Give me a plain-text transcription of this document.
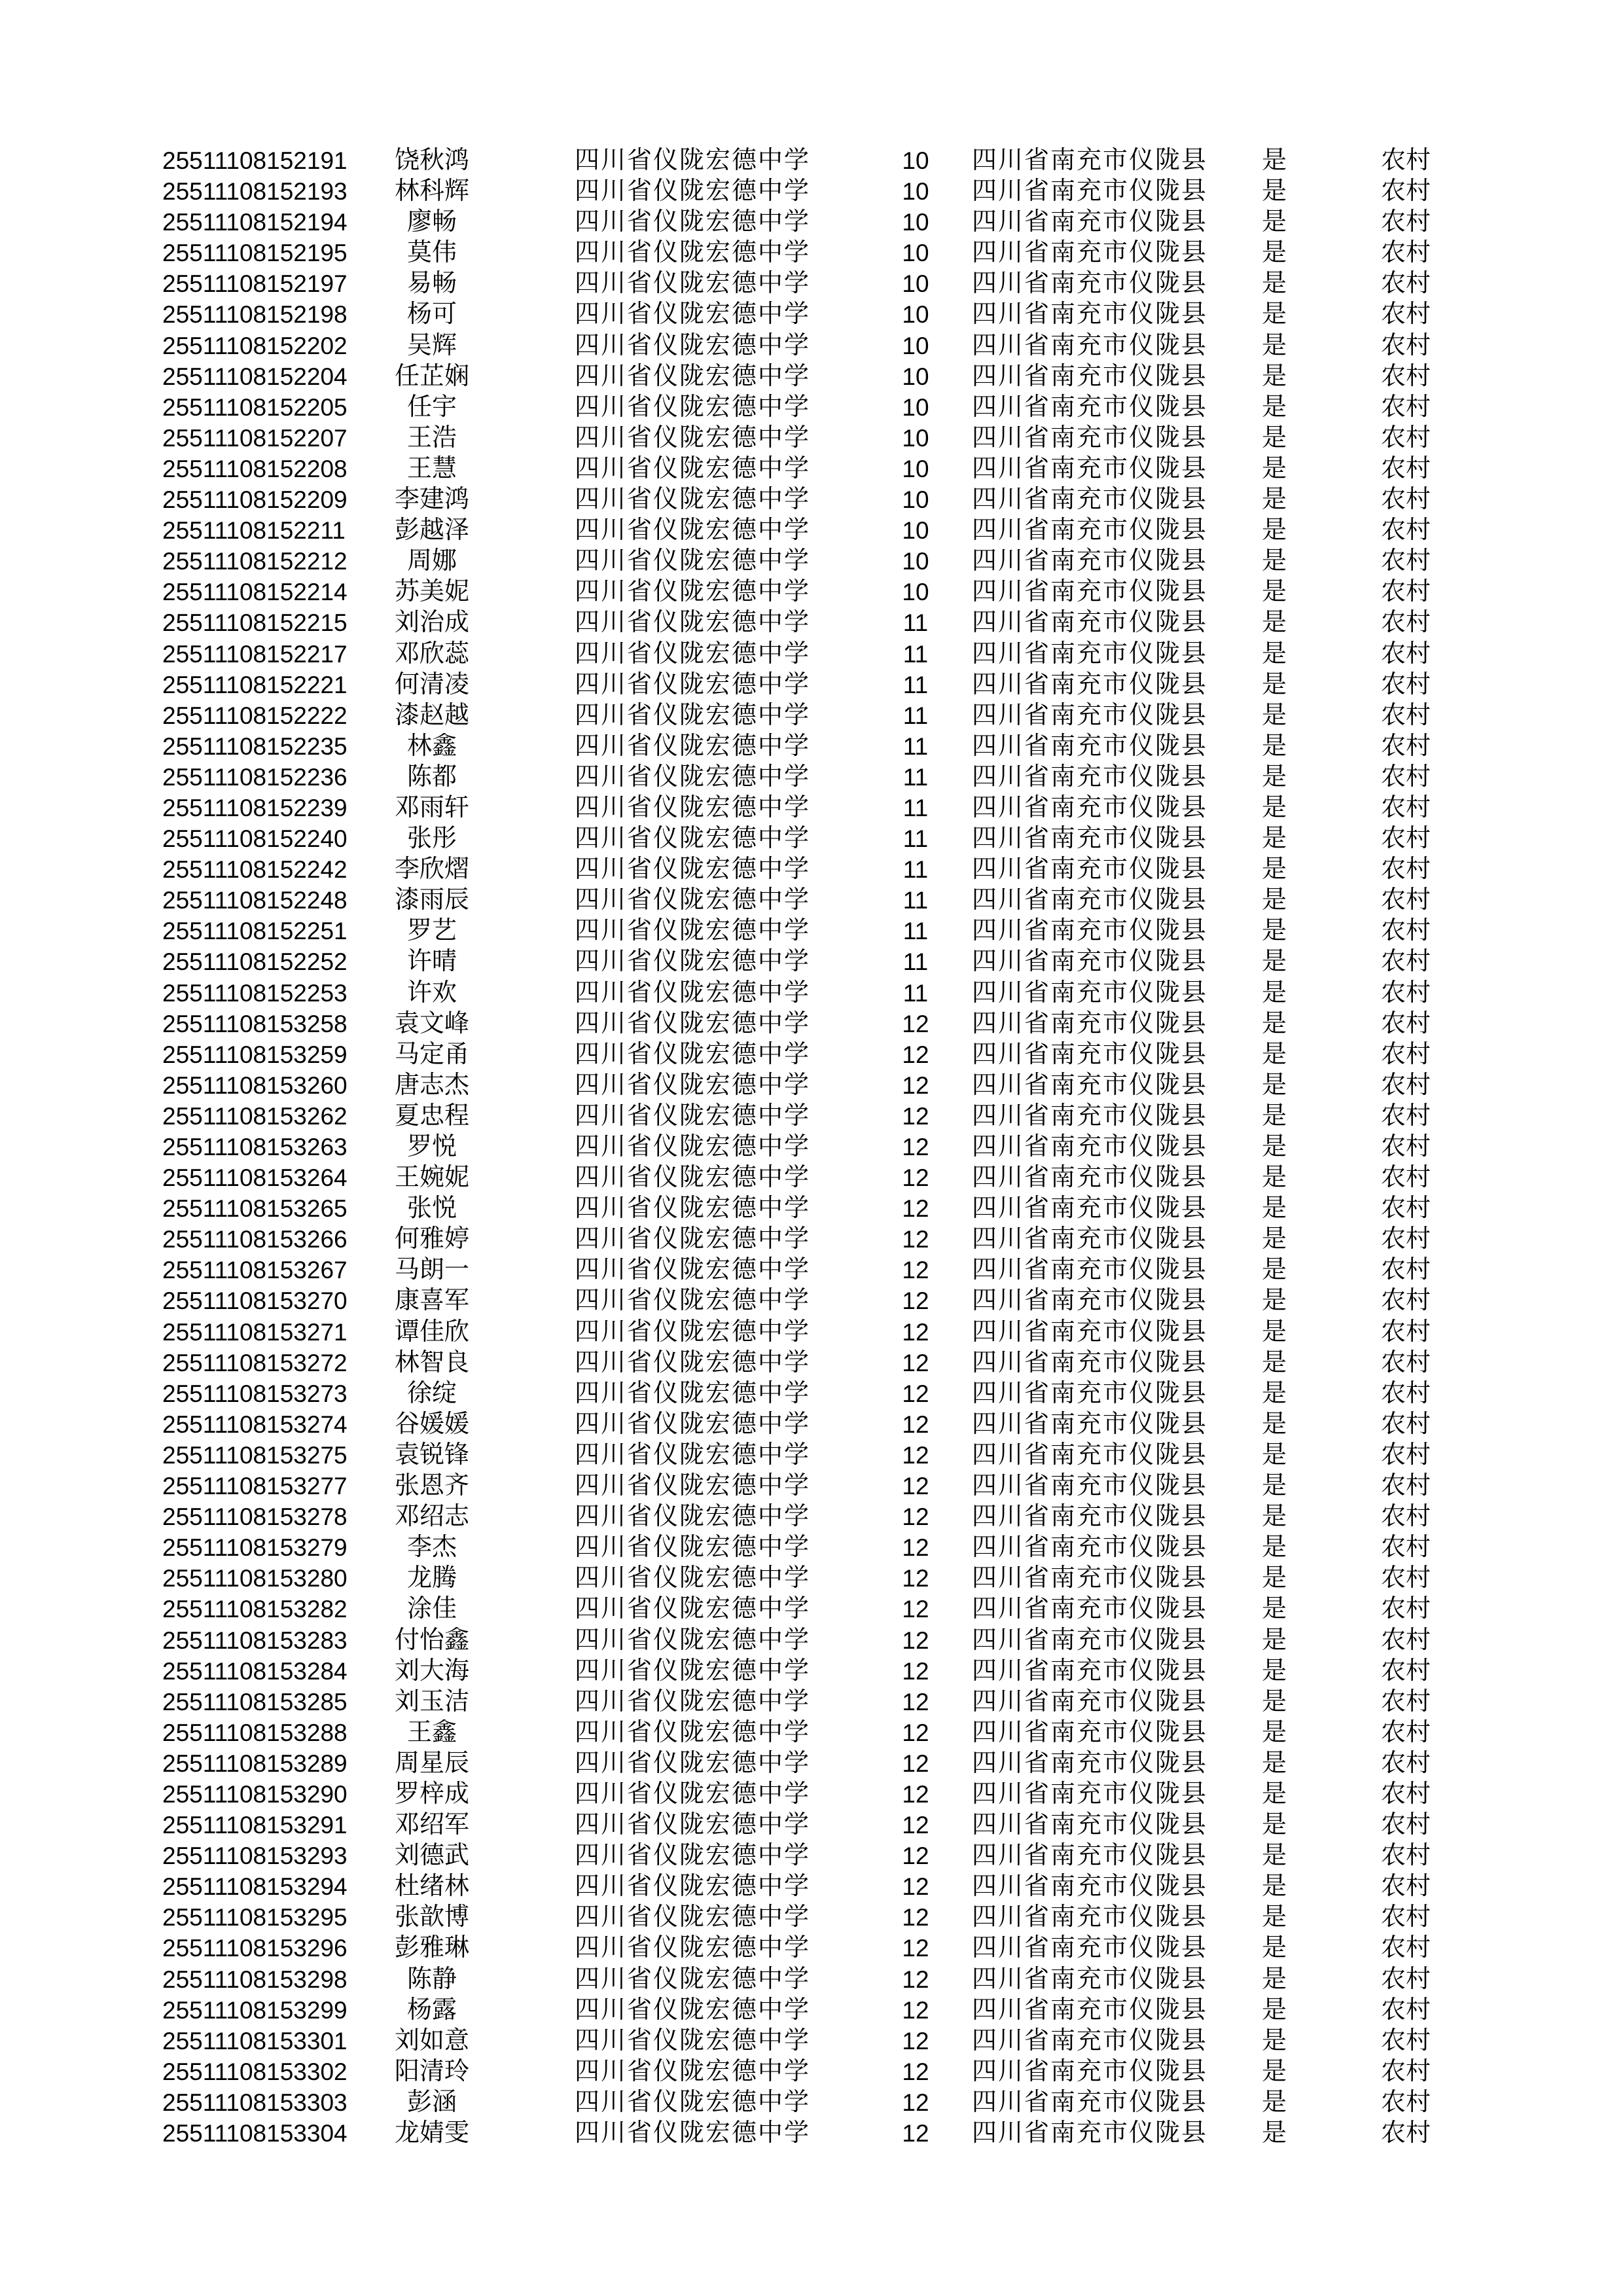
25511108152191	饶秋鸿	四川省仪陇宏德中学	10	四川省南充市仪陇县	是	农村
25511108152193	林科辉	四川省仪陇宏德中学	10	四川省南充市仪陇县	是	农村
25511108152194	廖畅	四川省仪陇宏德中学	10	四川省南充市仪陇县	是	农村
25511108152195	莫伟	四川省仪陇宏德中学	10	四川省南充市仪陇县	是	农村
25511108152197	易畅	四川省仪陇宏德中学	10	四川省南充市仪陇县	是	农村
25511108152198	杨可	四川省仪陇宏德中学	10	四川省南充市仪陇县	是	农村
25511108152202	吴辉	四川省仪陇宏德中学	10	四川省南充市仪陇县	是	农村
25511108152204	任芷娴	四川省仪陇宏德中学	10	四川省南充市仪陇县	是	农村
25511108152205	任宇	四川省仪陇宏德中学	10	四川省南充市仪陇县	是	农村
25511108152207	王浩	四川省仪陇宏德中学	10	四川省南充市仪陇县	是	农村
25511108152208	王慧	四川省仪陇宏德中学	10	四川省南充市仪陇县	是	农村
25511108152209	李建鸿	四川省仪陇宏德中学	10	四川省南充市仪陇县	是	农村
25511108152211	彭越泽	四川省仪陇宏德中学	10	四川省南充市仪陇县	是	农村
25511108152212	周娜	四川省仪陇宏德中学	10	四川省南充市仪陇县	是	农村
25511108152214	苏美妮	四川省仪陇宏德中学	10	四川省南充市仪陇县	是	农村
25511108152215	刘治成	四川省仪陇宏德中学	11	四川省南充市仪陇县	是	农村
25511108152217	邓欣蕊	四川省仪陇宏德中学	11	四川省南充市仪陇县	是	农村
25511108152221	何清凌	四川省仪陇宏德中学	11	四川省南充市仪陇县	是	农村
25511108152222	漆赵越	四川省仪陇宏德中学	11	四川省南充市仪陇县	是	农村
25511108152235	林鑫	四川省仪陇宏德中学	11	四川省南充市仪陇县	是	农村
25511108152236	陈都	四川省仪陇宏德中学	11	四川省南充市仪陇县	是	农村
25511108152239	邓雨轩	四川省仪陇宏德中学	11	四川省南充市仪陇县	是	农村
25511108152240	张彤	四川省仪陇宏德中学	11	四川省南充市仪陇县	是	农村
25511108152242	李欣熠	四川省仪陇宏德中学	11	四川省南充市仪陇县	是	农村
25511108152248	漆雨辰	四川省仪陇宏德中学	11	四川省南充市仪陇县	是	农村
25511108152251	罗艺	四川省仪陇宏德中学	11	四川省南充市仪陇县	是	农村
25511108152252	许晴	四川省仪陇宏德中学	11	四川省南充市仪陇县	是	农村
25511108152253	许欢	四川省仪陇宏德中学	11	四川省南充市仪陇县	是	农村
25511108153258	袁文峰	四川省仪陇宏德中学	12	四川省南充市仪陇县	是	农村
25511108153259	马定甬	四川省仪陇宏德中学	12	四川省南充市仪陇县	是	农村
25511108153260	唐志杰	四川省仪陇宏德中学	12	四川省南充市仪陇县	是	农村
25511108153262	夏忠程	四川省仪陇宏德中学	12	四川省南充市仪陇县	是	农村
25511108153263	罗悦	四川省仪陇宏德中学	12	四川省南充市仪陇县	是	农村
25511108153264	王婉妮	四川省仪陇宏德中学	12	四川省南充市仪陇县	是	农村
25511108153265	张悦	四川省仪陇宏德中学	12	四川省南充市仪陇县	是	农村
25511108153266	何雅婷	四川省仪陇宏德中学	12	四川省南充市仪陇县	是	农村
25511108153267	马朗一	四川省仪陇宏德中学	12	四川省南充市仪陇县	是	农村
25511108153270	康喜军	四川省仪陇宏德中学	12	四川省南充市仪陇县	是	农村
25511108153271	谭佳欣	四川省仪陇宏德中学	12	四川省南充市仪陇县	是	农村
25511108153272	林智良	四川省仪陇宏德中学	12	四川省南充市仪陇县	是	农村
25511108153273	徐绽	四川省仪陇宏德中学	12	四川省南充市仪陇县	是	农村
25511108153274	谷媛媛	四川省仪陇宏德中学	12	四川省南充市仪陇县	是	农村
25511108153275	袁锐锋	四川省仪陇宏德中学	12	四川省南充市仪陇县	是	农村
25511108153277	张恩齐	四川省仪陇宏德中学	12	四川省南充市仪陇县	是	农村
25511108153278	邓绍志	四川省仪陇宏德中学	12	四川省南充市仪陇县	是	农村
25511108153279	李杰	四川省仪陇宏德中学	12	四川省南充市仪陇县	是	农村
25511108153280	龙腾	四川省仪陇宏德中学	12	四川省南充市仪陇县	是	农村
25511108153282	涂佳	四川省仪陇宏德中学	12	四川省南充市仪陇县	是	农村
25511108153283	付怡鑫	四川省仪陇宏德中学	12	四川省南充市仪陇县	是	农村
25511108153284	刘大海	四川省仪陇宏德中学	12	四川省南充市仪陇县	是	农村
25511108153285	刘玉洁	四川省仪陇宏德中学	12	四川省南充市仪陇县	是	农村
25511108153288	王鑫	四川省仪陇宏德中学	12	四川省南充市仪陇县	是	农村
25511108153289	周星辰	四川省仪陇宏德中学	12	四川省南充市仪陇县	是	农村
25511108153290	罗梓成	四川省仪陇宏德中学	12	四川省南充市仪陇县	是	农村
25511108153291	邓绍军	四川省仪陇宏德中学	12	四川省南充市仪陇县	是	农村
25511108153293	刘德武	四川省仪陇宏德中学	12	四川省南充市仪陇县	是	农村
25511108153294	杜绪林	四川省仪陇宏德中学	12	四川省南充市仪陇县	是	农村
25511108153295	张歆博	四川省仪陇宏德中学	12	四川省南充市仪陇县	是	农村
25511108153296	彭雅琳	四川省仪陇宏德中学	12	四川省南充市仪陇县	是	农村
25511108153298	陈静	四川省仪陇宏德中学	12	四川省南充市仪陇县	是	农村
25511108153299	杨露	四川省仪陇宏德中学	12	四川省南充市仪陇县	是	农村
25511108153301	刘如意	四川省仪陇宏德中学	12	四川省南充市仪陇县	是	农村
25511108153302	阳清玲	四川省仪陇宏德中学	12	四川省南充市仪陇县	是	农村
25511108153303	彭涵	四川省仪陇宏德中学	12	四川省南充市仪陇县	是	农村
25511108153304	龙婧雯	四川省仪陇宏德中学	12	四川省南充市仪陇县	是	农村
